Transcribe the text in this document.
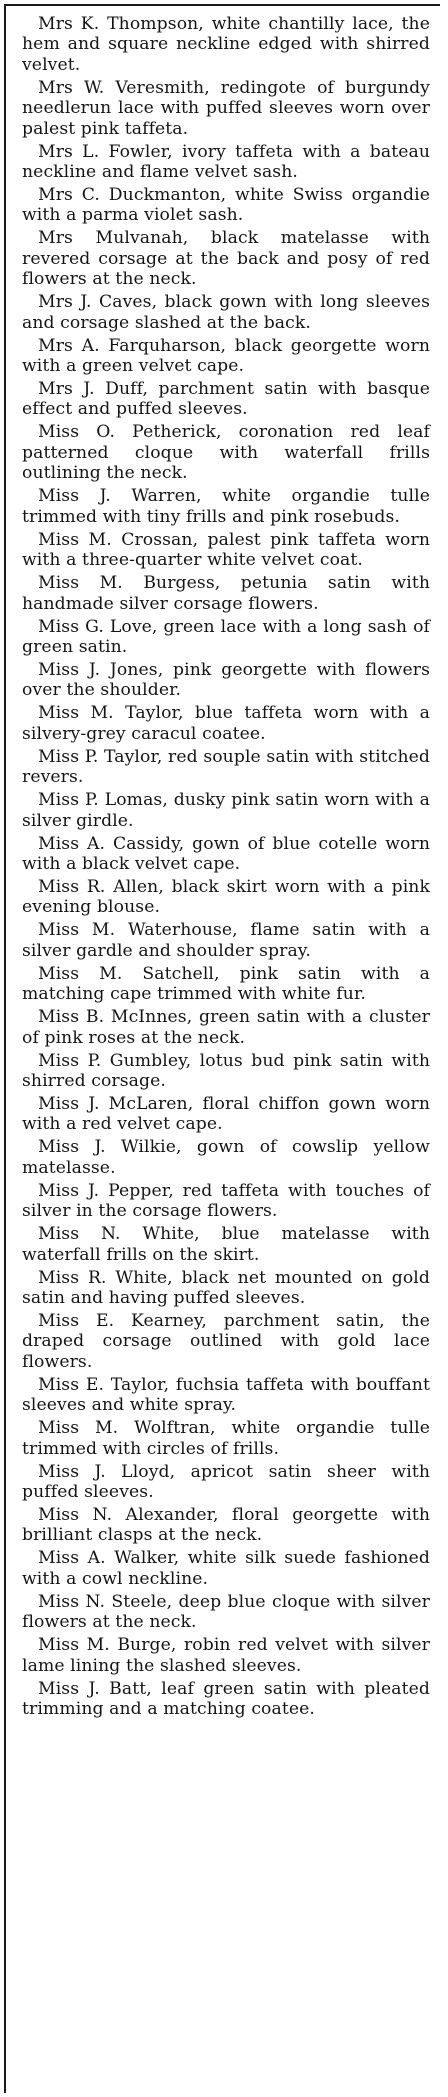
Mrs K. Thompson, white chantilly lace, the hem and square neckline edged with shirred velvet.

Mrs W. Veresmith, redingote of burgundy needlerun lace with puffed sleeves worn over palest pink taffeta.

Mrs L. Fowler, ivory taffeta with a bateau neckline and flame velvet sash.

Mrs C. Duckmanton, white Swiss organdie with a parma violet sash.

Mrs Mulvanah, black matelasse with revered corsage at the back and posy of red flowers at the neck.

Mrs J. Caves, black gown with long sleeves and corsage slashed at the back.

Mrs A. Farquharson, black georgette worn with a green velvet cape.

Mrs J. Duff, parchment satin with basque effect and puffed sleeves.

Miss O. Petherick, coronation red leaf patterned cloque with waterfall frills outlining the neck.

Miss J. Warren, white organdie tulle trimmed with tiny frills and pink rosebuds.

Miss M. Crossan, palest pink taffeta worn with a three-quarter white velvet coat.

Miss M. Burgess, petunia satin with handmade silver corsage flowers.

Miss G. Love, green lace with a long sash of green satin.

Miss J. Jones, pink georgette with flowers over the shoulder.

Miss M. Taylor, blue taffeta worn with a silvery-grey caracul coatee.

Miss P. Taylor, red souple satin with stitched revers.

Miss P. Lomas, dusky pink satin worn with a silver girdle.

Miss A. Cassidy, gown of blue cotelle worn with a black velvet cape.

Miss R. Allen, black skirt worn with a pink evening blouse.

Miss M. Waterhouse, flame satin with a silver gardle and shoulder spray.

Miss M. Satchell, pink satin with a matching cape trimmed with white fur.

Miss B. McInnes, green satin with a cluster of pink roses at the neck.

Miss P. Gumbley, lotus bud pink satin with shirred corsage.

Miss J. McLaren, floral chiffon gown worn with a red velvet cape.

Miss J. Wilkie, gown of cowslip yellow matelasse.

Miss J. Pepper, red taffeta with touches of silver in the corsage flowers.

Miss N. White, blue matelasse with waterfall frills on the skirt.

Miss R. White, black net mounted on gold satin and having puffed sleeves.

Miss E. Kearney, parchment satin, the draped corsage outlined with gold lace flowers.

Miss E. Taylor, fuchsia taffeta with bouffant sleeves and white spray.

Miss M. Wolftran, white organdie tulle trimmed with circles of frills.

Miss J. Lloyd, apricot satin sheer with puffed sleeves.

Miss N. Alexander, floral georgette with brilliant clasps at the neck.

Miss A. Walker, white silk suede fashioned with a cowl neckline.

Miss N. Steele, deep blue cloque with silver flowers at the neck.

Miss M. Burge, robin red velvet with silver lame lining the slashed sleeves.

Miss J. Batt, leaf green satin with pleated trimming and a matching coatee.
